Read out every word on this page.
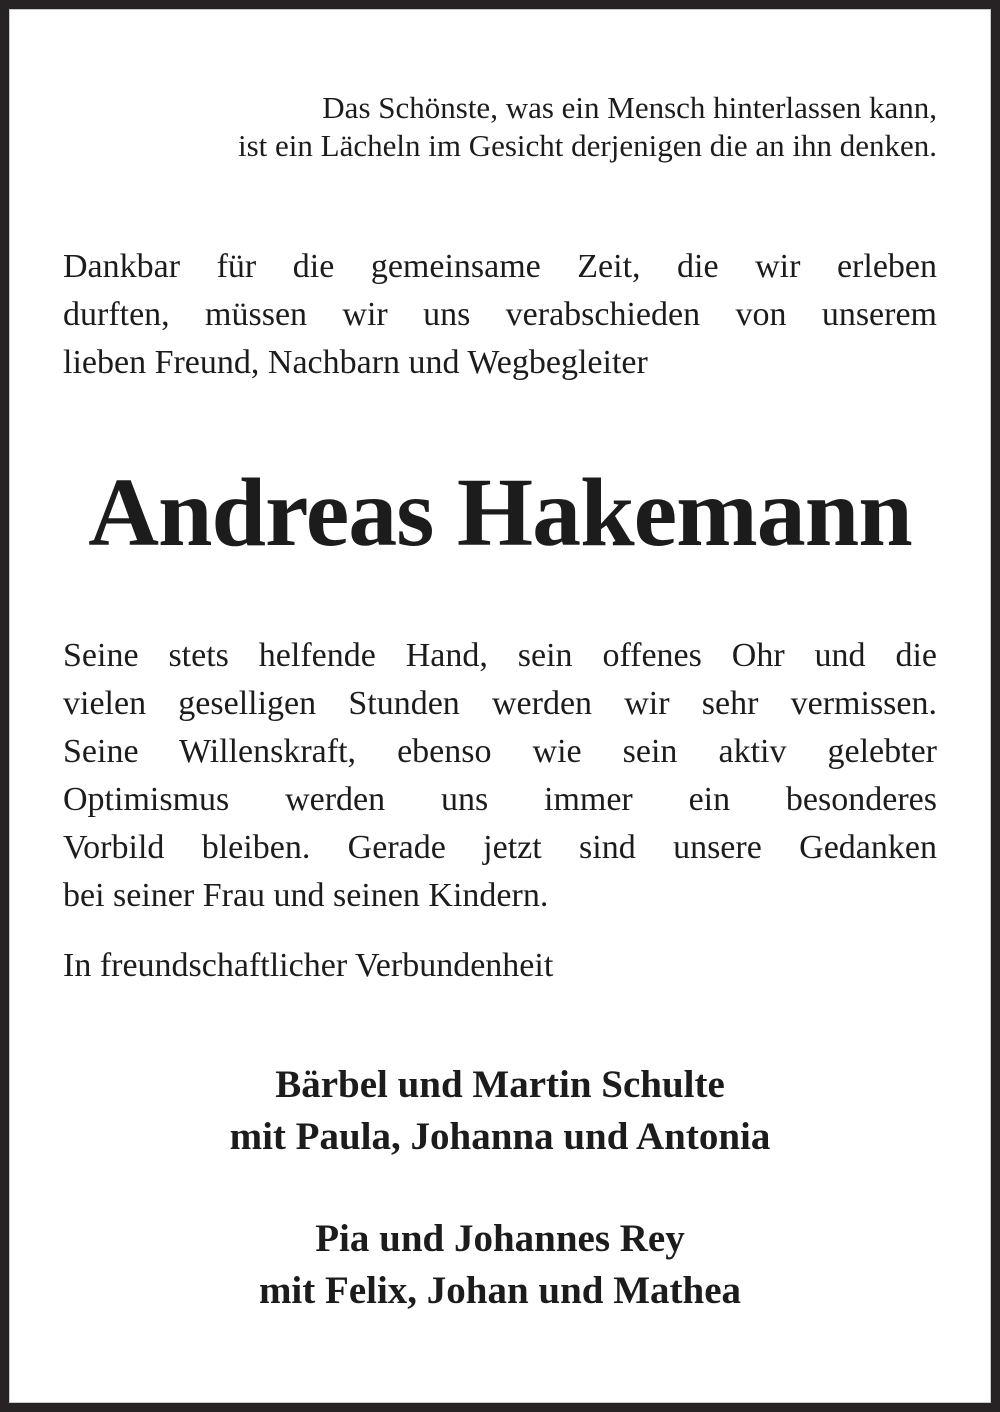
Das Schönste, was ein Mensch hinterlassen kann,
ist ein Lächeln im Gesicht derjenigen die an ihn denken.
Dankbar für die gemeinsame Zeit, die wir erleben
durften, müssen wir uns verabschieden von unserem
lieben Freund, Nachbarn und Wegbegleiter
Andreas Hakemann
Seine stets helfende Hand, sein offenes Ohr und die
vielen geselligen Stunden werden wir sehr vermissen.
Seine Willenskraft, ebenso wie sein aktiv gelebter
Optimismus werden uns immer ein besonderes
Vorbild bleiben. Gerade jetzt sind unsere Gedanken
bei seiner Frau und seinen Kindern.
In freundschaftlicher Verbundenheit
Bärbel und Martin Schulte
mit Paula, Johanna und Antonia
Pia und Johannes Rey
mit Felix, Johan und Mathea
